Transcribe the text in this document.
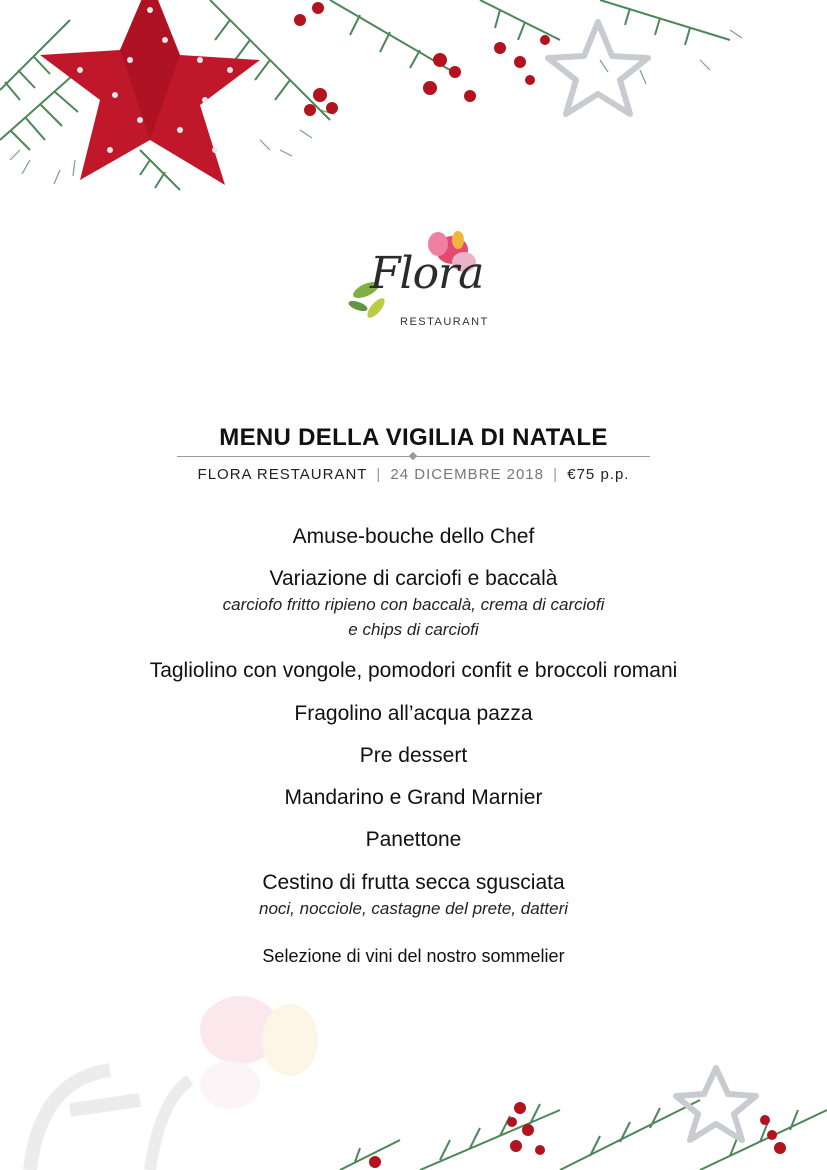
Flora
RESTAURANT
MENU DELLA VIGILIA DI NATALE
FLORA RESTAURANT | 24 DICEMBRE 2018 | €75 p.p.
Amuse-bouche dello Chef
Variazione di carciofi e baccalà
carciofo fritto ripieno con baccalà, crema di carciofi
e chips di carciofi
Tagliolino con vongole, pomodori confit e broccoli romani
Fragolino all’acqua pazza
Pre dessert
Mandarino e Grand Marnier
Panettone
Cestino di frutta secca sgusciata
noci, nocciole, castagne del prete, datteri
Selezione di vini del nostro sommelier
